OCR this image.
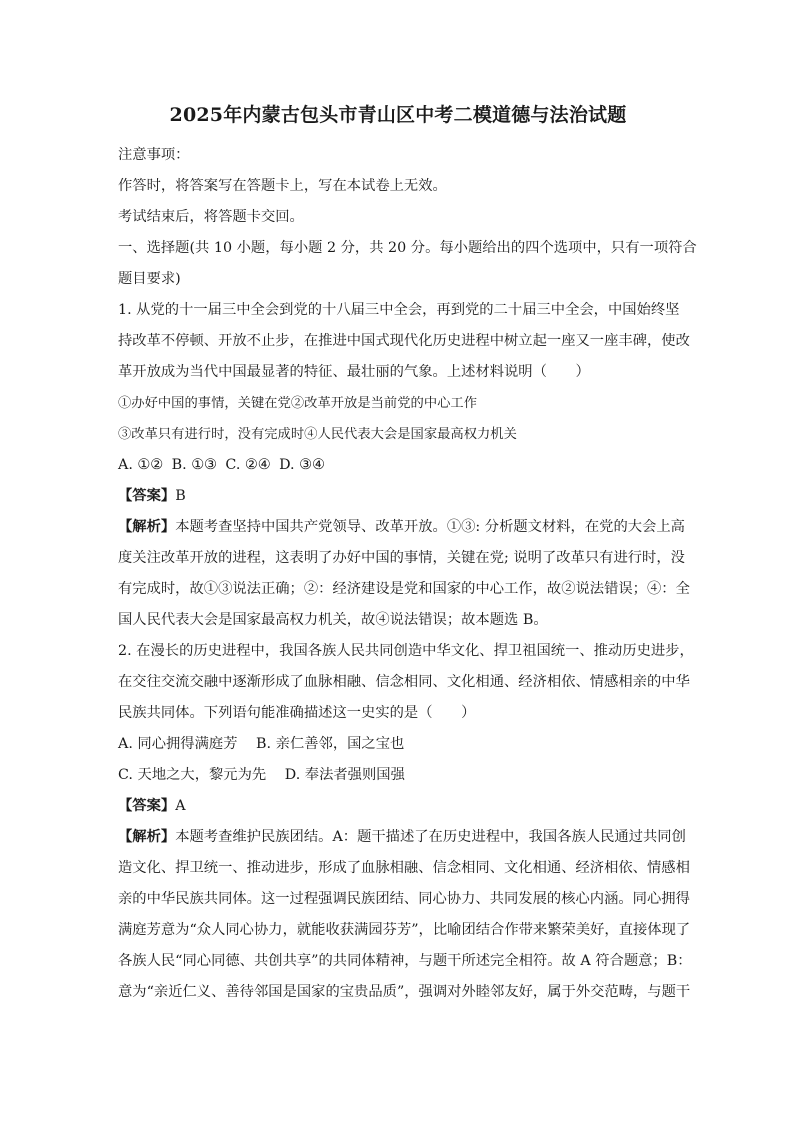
2025年内蒙古包头市青山区中考二模道德与法治试题

注意事项：

作答时，将答案写在答题卡上，写在本试卷上无效。

考试结束后，将答题卡交回。

一、选择题(共 10 小题，每小题 2 分，共 20 分。每小题给出的四个选项中，只有一项符合

题目要求)

1. 从党的十一届三中全会到党的十八届三中全会，再到党的二十届三中全会，中国始终坚

持改革不停顿、开放不止步，在推进中国式现代化历史进程中树立起一座又一座丰碑，使改

革开放成为当代中国最显著的特征、最壮丽的气象。上述材料说明（　　）

①办好中国的事情，关键在党②改革开放是当前党的中心工作

③改革只有进行时，没有完成时④人民代表大会是国家最高权力机关

A. ①② B. ①③ C. ②④ D. ③④

【答案】B

【解析】本题考查坚持中国共产党领导、改革开放。①③: 分析题文材料，在党的大会上高

度关注改革开放的进程，这表明了办好中国的事情，关键在党; 说明了改革只有进行时，没

有完成时，故①③说法正确；②：经济建设是党和国家的中心工作，故②说法错误；④：全

国人民代表大会是国家最高权力机关，故④说法错误；故本题选 B。

2. 在漫长的历史进程中，我国各族人民共同创造中华文化、捍卫祖国统一、推动历史进步，

在交往交流交融中逐渐形成了血脉相融、信念相同、文化相通、经济相依、情感相亲的中华

民族共同体。下列语句能准确描述这一史实的是（　　）

A. 同心拥得满庭芳 B. 亲仁善邻，国之宝也

C. 天地之大，黎元为先 D. 奉法者强则国强

【答案】A

【解析】本题考查维护民族团结。A：题干描述了在历史进程中，我国各族人民通过共同创

造文化、捍卫统一、推动进步，形成了血脉相融、信念相同、文化相通、经济相依、情感相

亲的中华民族共同体。这一过程强调民族团结、同心协力、共同发展的核心内涵。同心拥得

满庭芳意为“众人同心协力，就能收获满园芬芳”，比喻团结合作带来繁荣美好，直接体现了

各族人民“同心同德、共创共享”的共同体精神，与题干所述完全相符。故 A 符合题意；B：

意为“亲近仁义、善待邻国是国家的宝贵品质”，强调对外睦邻友好，属于外交范畴，与题干
